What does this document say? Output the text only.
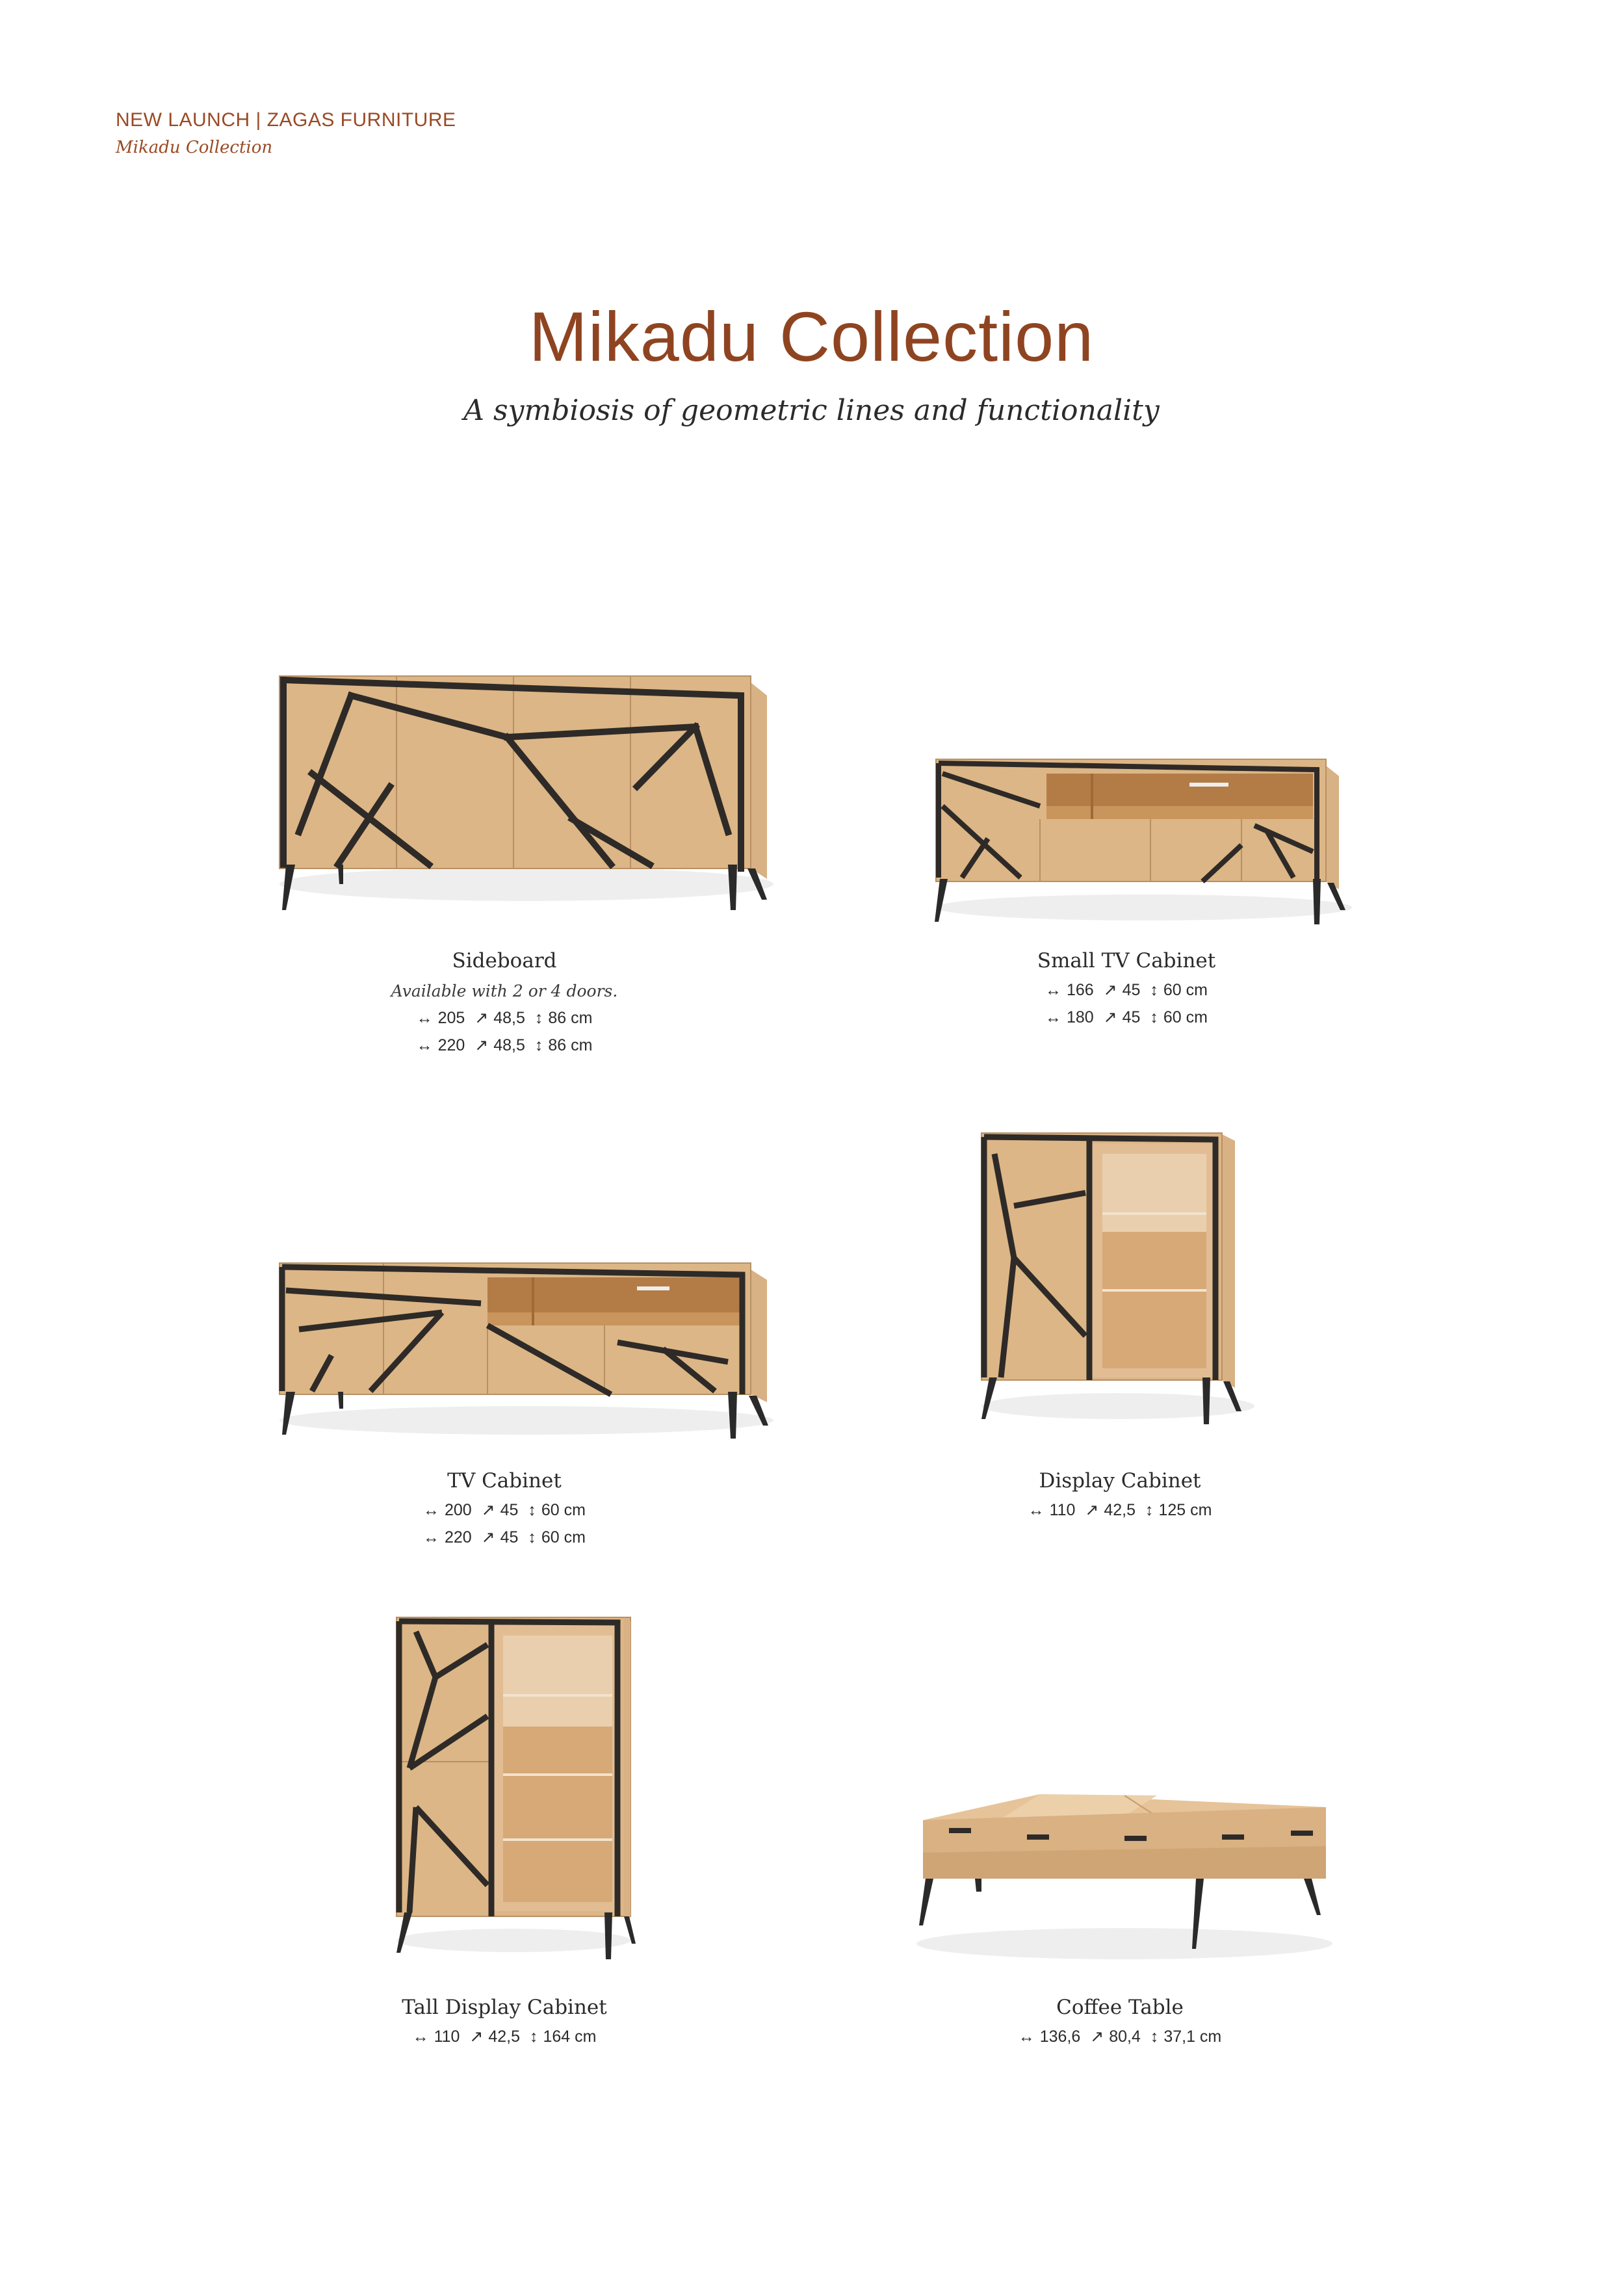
NEW LAUNCH | ZAGAS FURNITURE
Mikadu Collection
Mikadu Collection
A symbiosis of geometric lines and functionality
Sideboard
Available with 2 or 4 doors.
↔ 205 ↗ 48,5 ↕ 86 cm
↔ 220 ↗ 48,5 ↕ 86 cm
Small TV Cabinet
↔ 166 ↗ 45 ↕ 60 cm
↔ 180 ↗ 45 ↕ 60 cm
TV Cabinet
↔ 200 ↗ 45 ↕ 60 cm
↔ 220 ↗ 45 ↕ 60 cm
Display Cabinet
↔ 110 ↗ 42,5 ↕ 125 cm
Tall Display Cabinet
↔ 110 ↗ 42,5 ↕ 164 cm
Coffee Table
↔ 136,6 ↗ 80,4 ↕ 37,1 cm
